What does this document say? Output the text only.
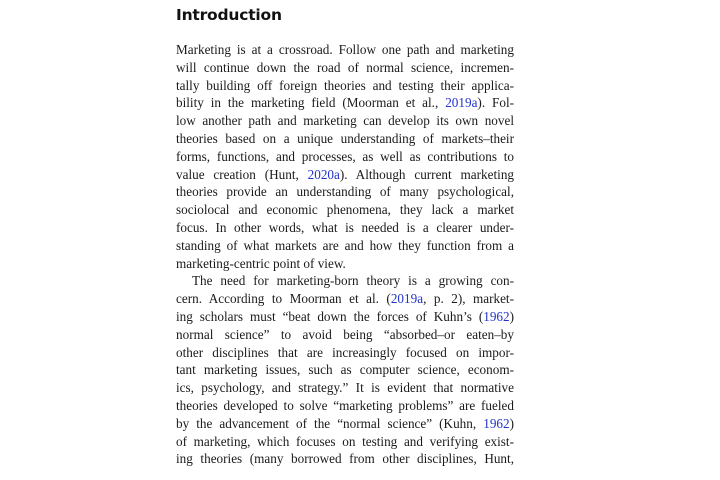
Introduction
Marketing is at a crossroad. Follow one path and marketing
will continue down the road of normal science, incremen-
tally building off foreign theories and testing their applica-
bility in the marketing field (Moorman et al., 2019a). Fol-
low another path and marketing can develop its own novel
theories based on a unique understanding of markets–their
forms, functions, and processes, as well as contributions to
value creation (Hunt, 2020a). Although current marketing
theories provide an understanding of many psychological,
sociolocal and economic phenomena, they lack a market
focus. In other words, what is needed is a clearer under-
standing of what markets are and how they function from a
marketing-centric point of view.
The need for marketing-born theory is a growing con-
cern. According to Moorman et al. (2019a, p. 2), market-
ing scholars must “beat down the forces of Kuhn’s (1962)
normal science” to avoid being “absorbed–or eaten–by
other disciplines that are increasingly focused on impor-
tant marketing issues, such as computer science, econom-
ics, psychology, and strategy.” It is evident that normative
theories developed to solve “marketing problems” are fueled
by the advancement of the “normal science” (Kuhn, 1962)
of marketing, which focuses on testing and verifying exist-
ing theories (many borrowed from other disciplines, Hunt,
